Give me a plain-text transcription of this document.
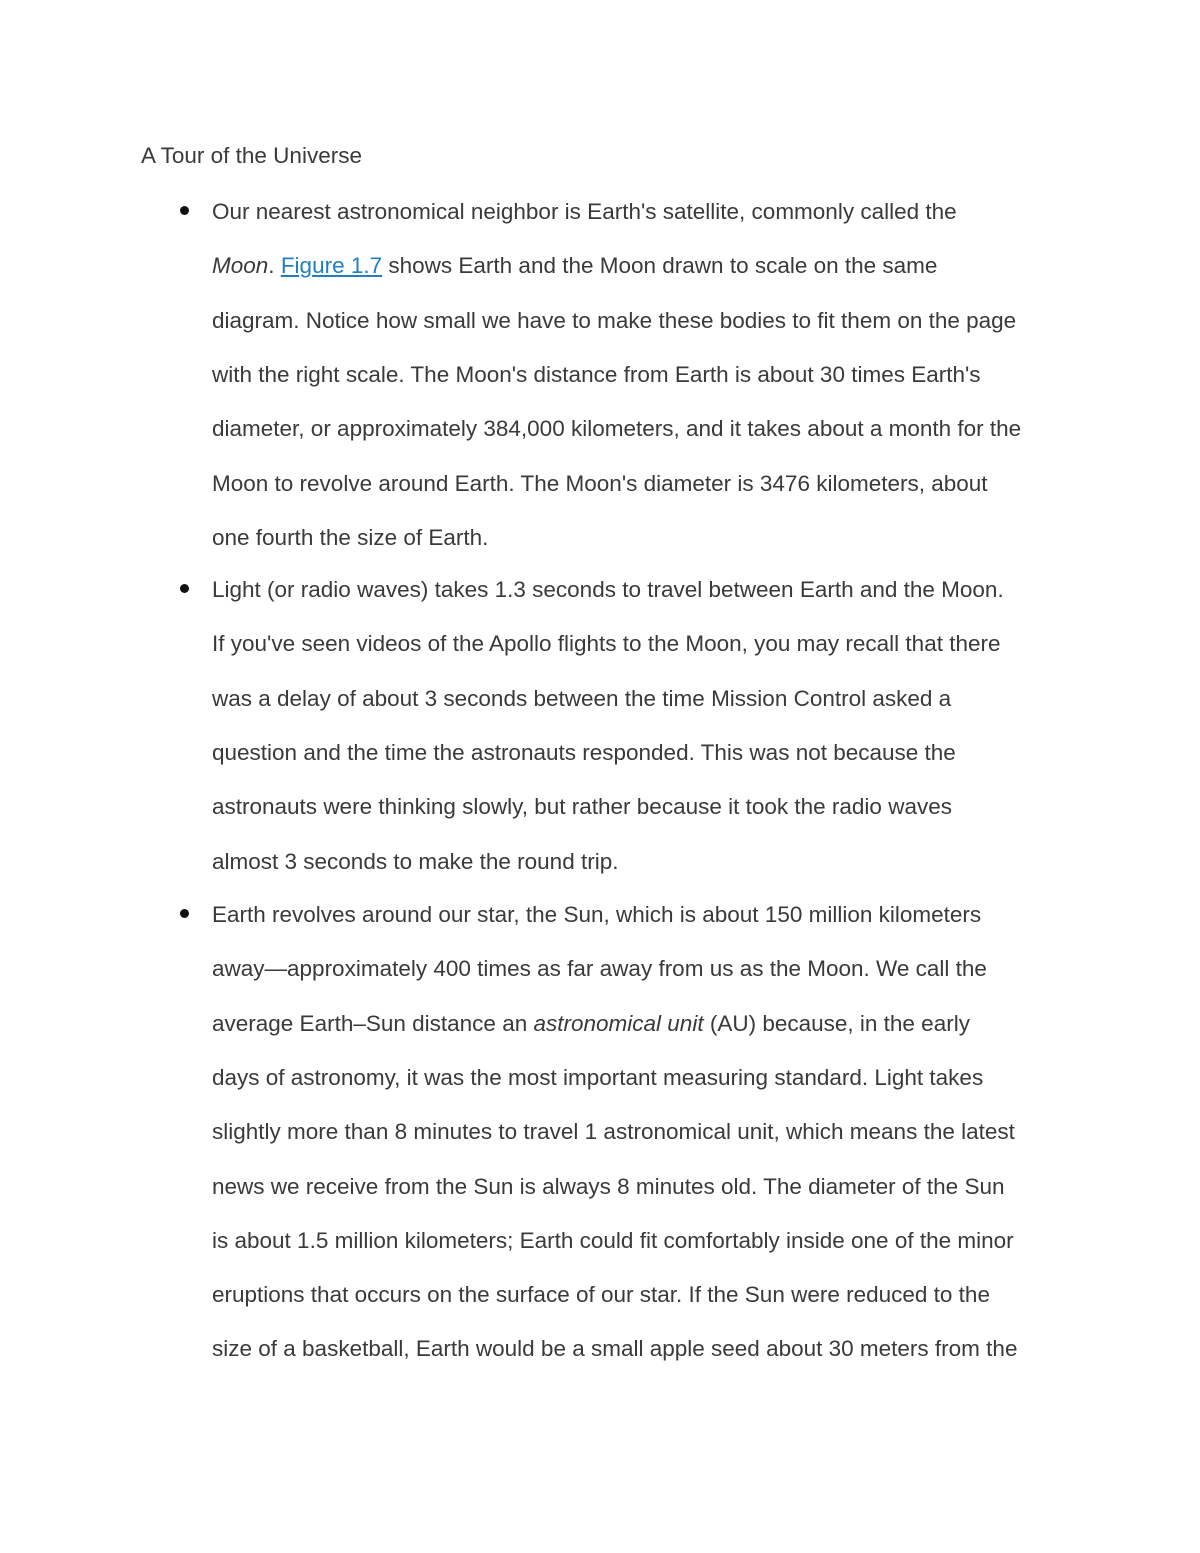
A Tour of the Universe
Our nearest astronomical neighbor is Earth's satellite, commonly called the
Moon. Figure 1.7 shows Earth and the Moon drawn to scale on the same
diagram. Notice how small we have to make these bodies to fit them on the page
with the right scale. The Moon's distance from Earth is about 30 times Earth's
diameter, or approximately 384,000 kilometers, and it takes about a month for the
Moon to revolve around Earth. The Moon's diameter is 3476 kilometers, about
one fourth the size of Earth.
Light (or radio waves) takes 1.3 seconds to travel between Earth and the Moon.
If you've seen videos of the Apollo flights to the Moon, you may recall that there
was a delay of about 3 seconds between the time Mission Control asked a
question and the time the astronauts responded. This was not because the
astronauts were thinking slowly, but rather because it took the radio waves
almost 3 seconds to make the round trip.
Earth revolves around our star, the Sun, which is about 150 million kilometers
away—approximately 400 times as far away from us as the Moon. We call the
average Earth–Sun distance an astronomical unit (AU) because, in the early
days of astronomy, it was the most important measuring standard. Light takes
slightly more than 8 minutes to travel 1 astronomical unit, which means the latest
news we receive from the Sun is always 8 minutes old. The diameter of the Sun
is about 1.5 million kilometers; Earth could fit comfortably inside one of the minor
eruptions that occurs on the surface of our star. If the Sun were reduced to the
size of a basketball, Earth would be a small apple seed about 30 meters from the
